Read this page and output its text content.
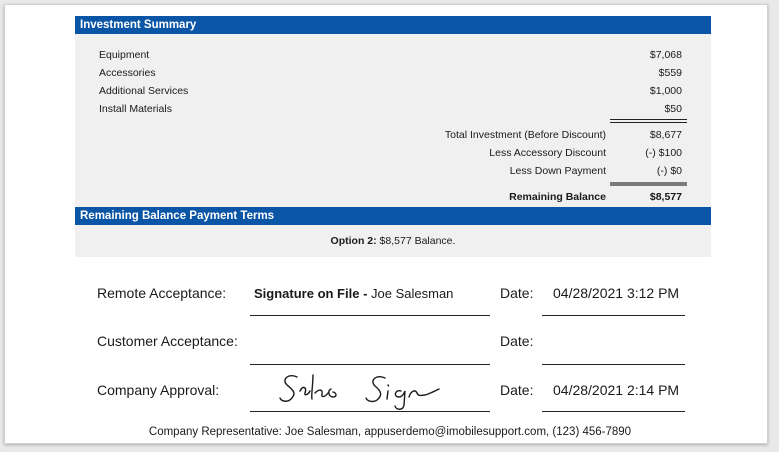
Investment Summary
Equipment	$7,068
Accessories	$559
Additional Services	$1,000
Install Materials	$50
Total Investment (Before Discount)	$8,677
Less Accessory Discount	(-) $100
Less Down Payment	(-) $0
Remaining Balance	$8,577
Remaining Balance Payment Terms
Option 2: $8,577 Balance.
Remote Acceptance: Signature on File - Joe Salesman	Date: 04/28/2021 3:12 PM
Customer Acceptance:	Date:
Company Approval:	Date: 04/28/2021 2:14 PM
Company Representative: Joe Salesman, appuserdemo@imobilesupport.com, (123) 456-7890
